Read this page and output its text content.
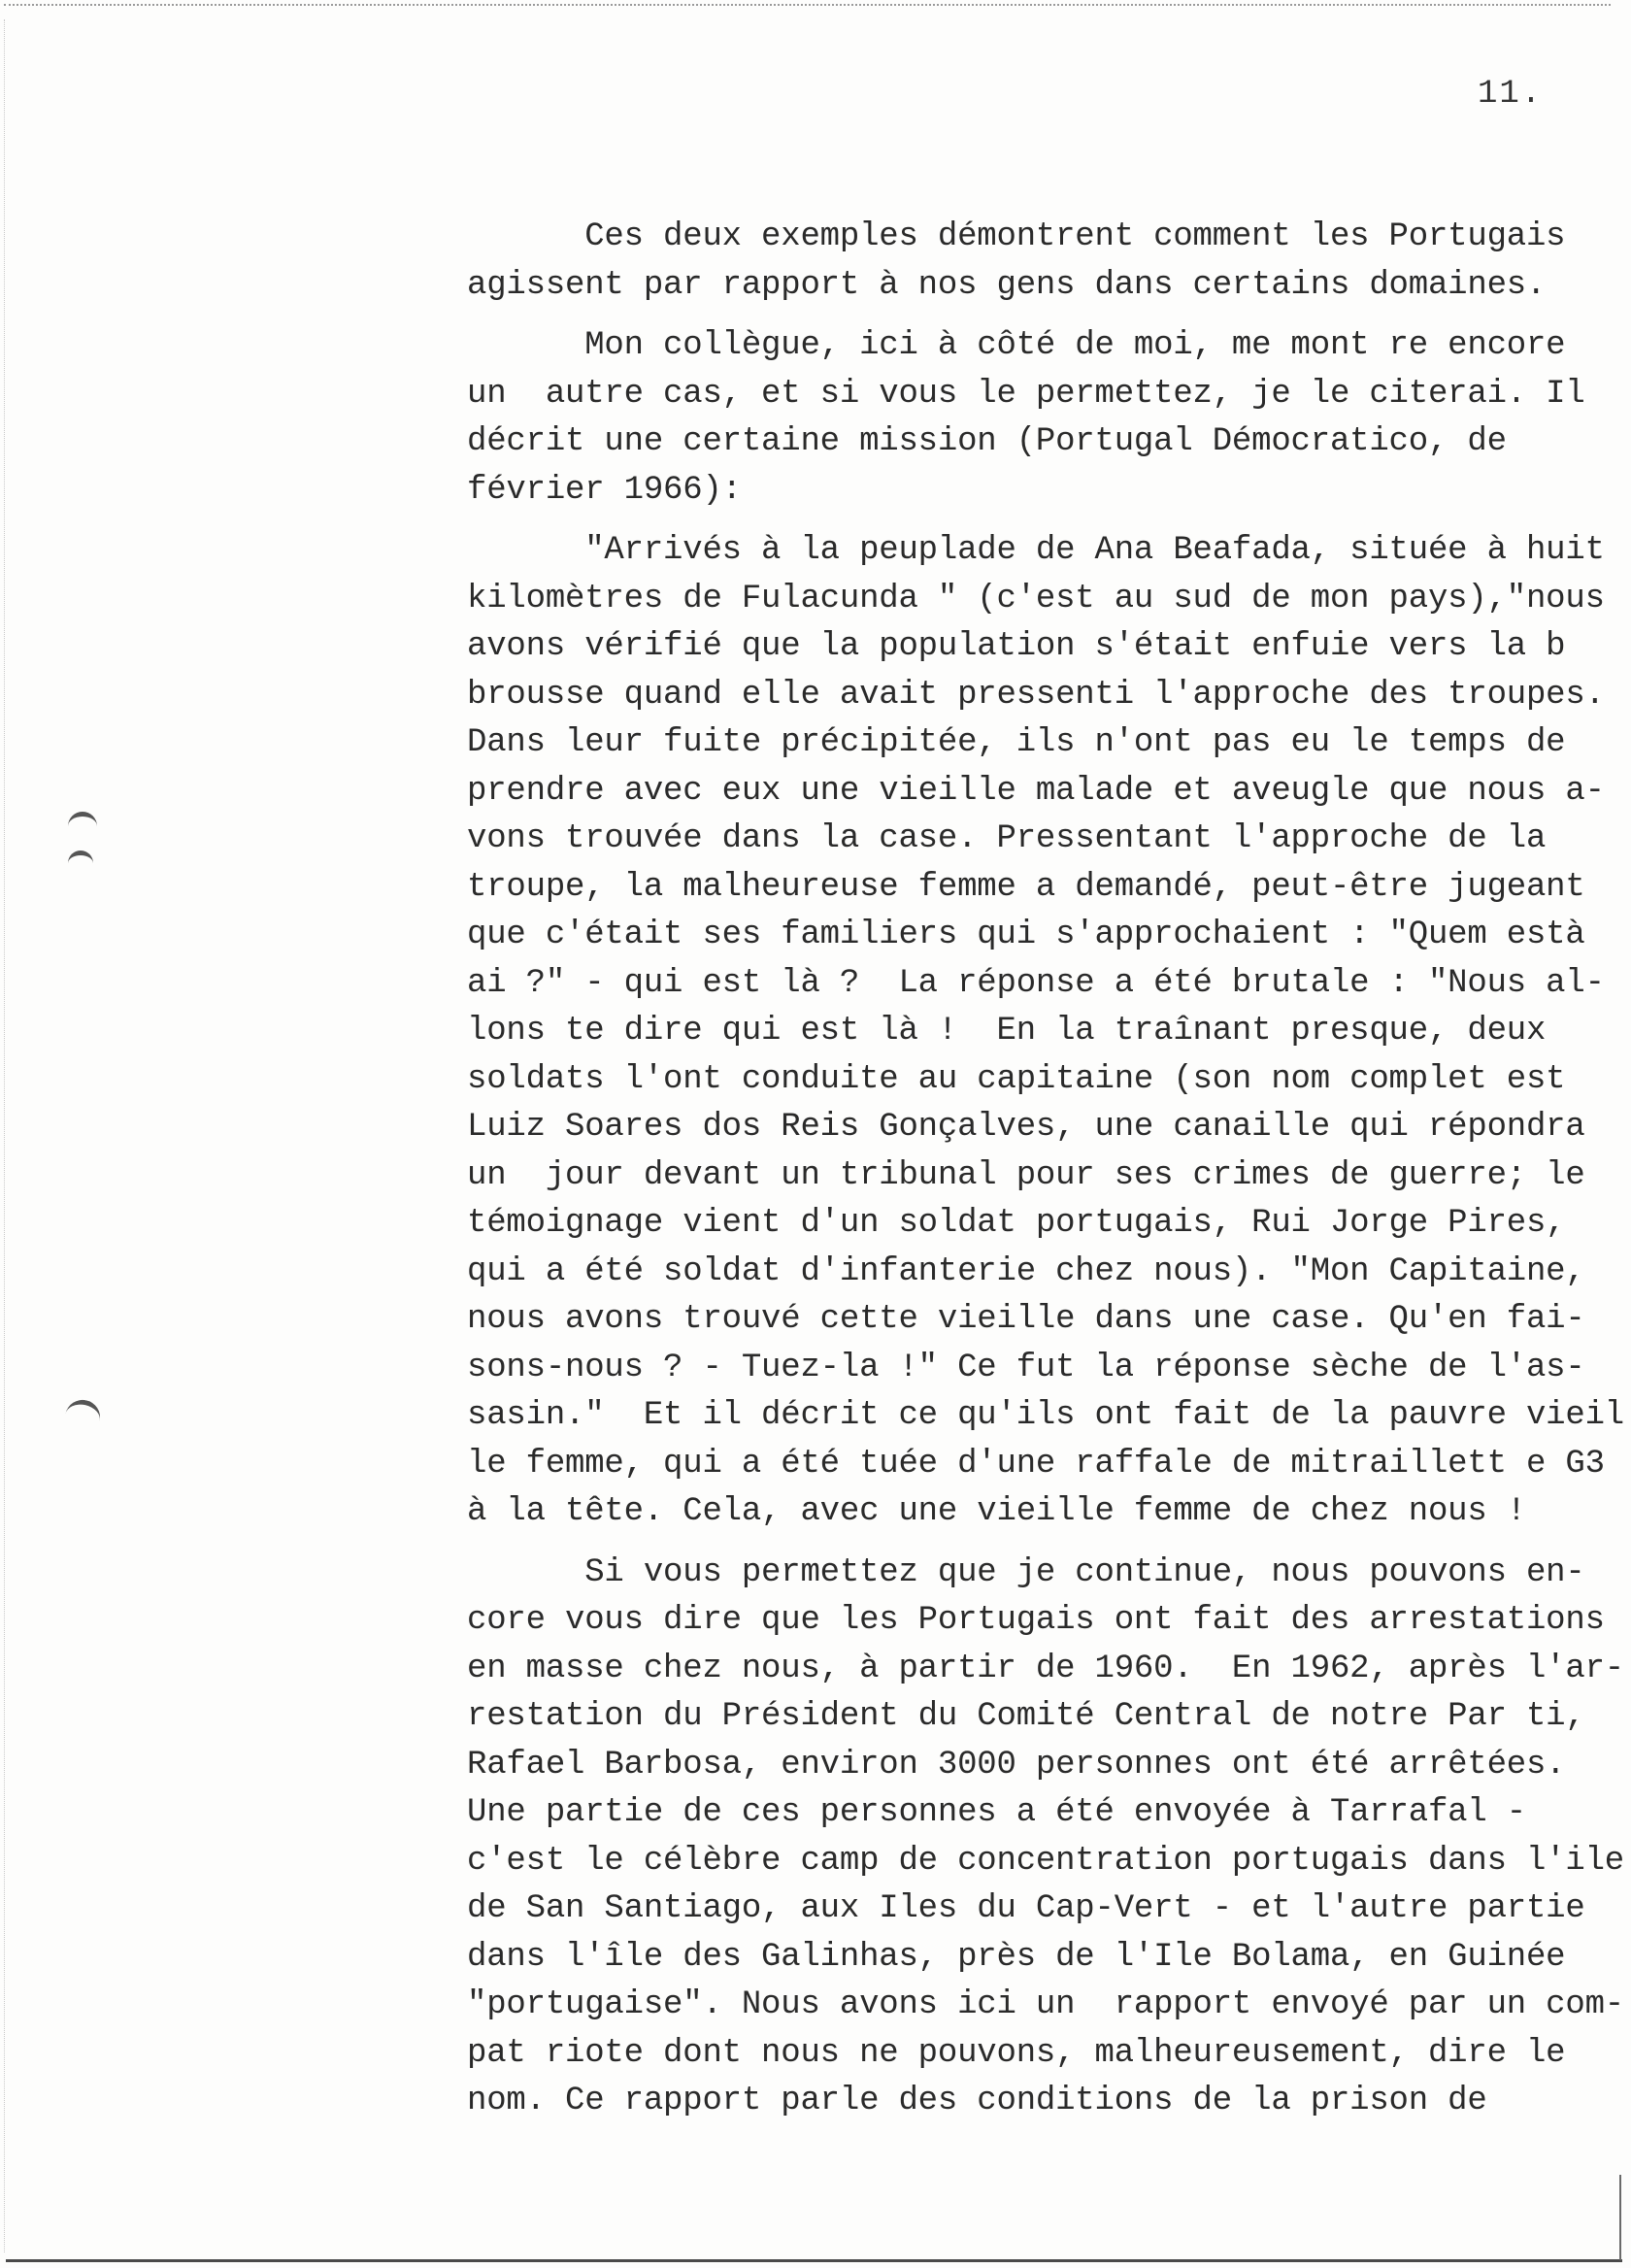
11.
Ces deux exemples démontrent comment les Portugais
agissent par rapport à nos gens dans certains domaines.
Mon collègue, ici à côté de moi, me mont re encore
un  autre cas, et si vous le permettez, je le citerai. Il
décrit une certaine mission (Portugal Démocratico, de
février 1966):
"Arrivés à la peuplade de Ana Beafada, située à huit
kilomètres de Fulacunda " (c'est au sud de mon pays),"nous
avons vérifié que la population s'était enfuie vers la b
brousse quand elle avait pressenti l'approche des troupes.
Dans leur fuite précipitée, ils n'ont pas eu le temps de
prendre avec eux une vieille malade et aveugle que nous a-
vons trouvée dans la case. Pressentant l'approche de la
troupe, la malheureuse femme a demandé, peut-être jugeant
que c'était ses familiers qui s'approchaient : "Quem està
ai ?" - qui est là ?  La réponse a été brutale : "Nous al-
lons te dire qui est là !  En la traînant presque, deux
soldats l'ont conduite au capitaine (son nom complet est
Luiz Soares dos Reis Gonçalves, une canaille qui répondra
un  jour devant un tribunal pour ses crimes de guerre; le
témoignage vient d'un soldat portugais, Rui Jorge Pires,
qui a été soldat d'infanterie chez nous). "Mon Capitaine,
nous avons trouvé cette vieille dans une case. Qu'en fai-
sons-nous ? - Tuez-la !" Ce fut la réponse sèche de l'as-
sasin."  Et il décrit ce qu'ils ont fait de la pauvre vieil
le femme, qui a été tuée d'une raffale de mitraillett e G3
à la tête. Cela, avec une vieille femme de chez nous !
Si vous permettez que je continue, nous pouvons en-
core vous dire que les Portugais ont fait des arrestations
en masse chez nous, à partir de 1960.  En 1962, après l'ar-
restation du Président du Comité Central de notre Par ti,
Rafael Barbosa, environ 3000 personnes ont été arrêtées.
Une partie de ces personnes a été envoyée à Tarrafal -
c'est le célèbre camp de concentration portugais dans l'ile
de San Santiago, aux Iles du Cap-Vert - et l'autre partie
dans l'île des Galinhas, près de l'Ile Bolama, en Guinée
"portugaise". Nous avons ici un  rapport envoyé par un com-
pat riote dont nous ne pouvons, malheureusement, dire le
nom. Ce rapport parle des conditions de la prison de
